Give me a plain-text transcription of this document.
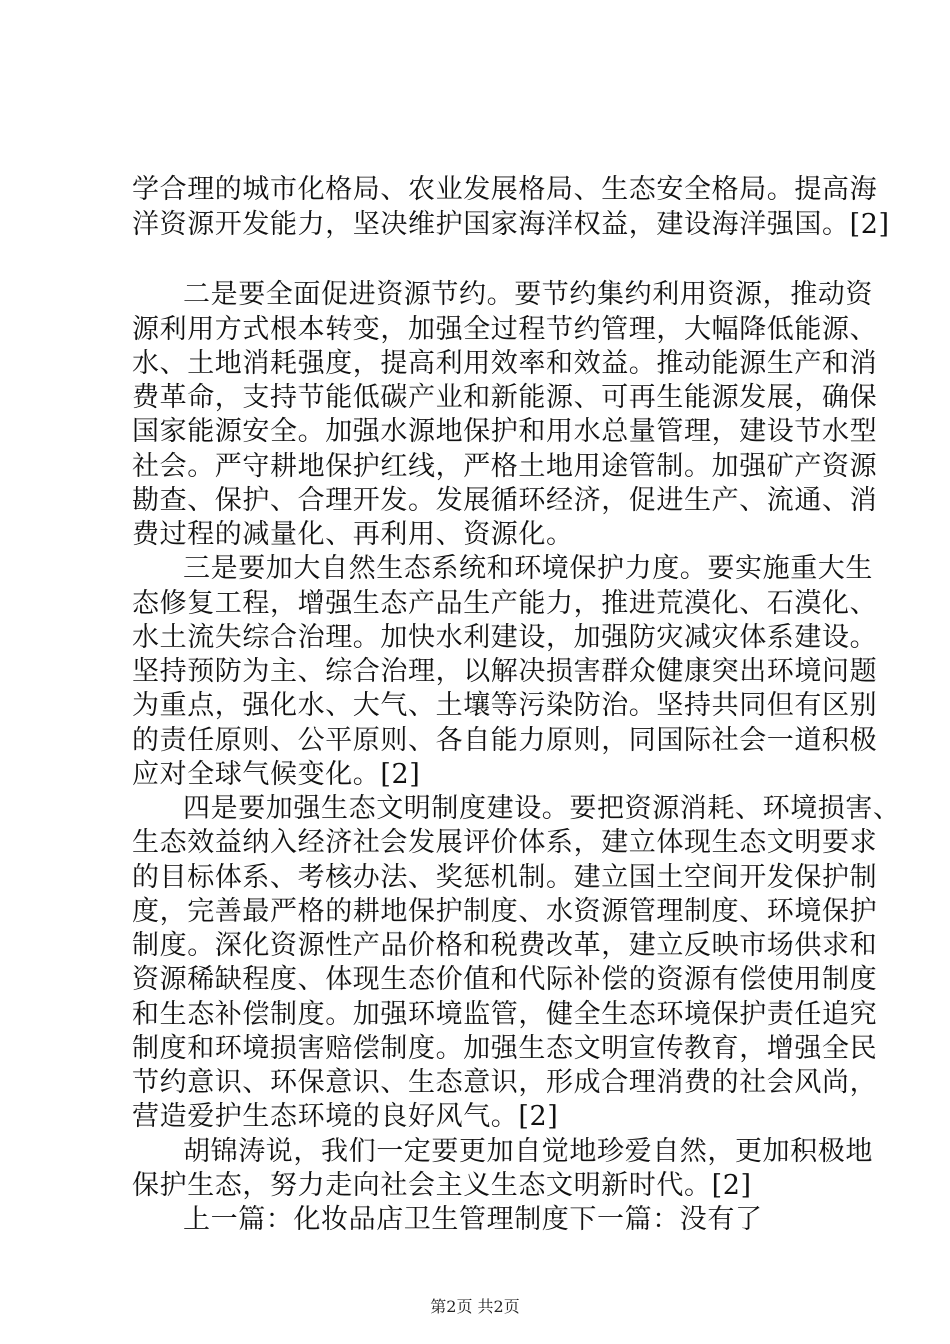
学合理的城市化格局、农业发展格局、生态安全格局。提高海
洋资源开发能力，坚决维护国家海洋权益，建设海洋强国。[2]
二是要全面促进资源节约。要节约集约利用资源，推动资
源利用方式根本转变，加强全过程节约管理，大幅降低能源、
水、土地消耗强度，提高利用效率和效益。推动能源生产和消
费革命，支持节能低碳产业和新能源、可再生能源发展，确保
国家能源安全。加强水源地保护和用水总量管理，建设节水型
社会。严守耕地保护红线，严格土地用途管制。加强矿产资源
勘查、保护、合理开发。发展循环经济，促进生产、流通、消
费过程的减量化、再利用、资源化。
三是要加大自然生态系统和环境保护力度。要实施重大生
态修复工程，增强生态产品生产能力，推进荒漠化、石漠化、
水土流失综合治理。加快水利建设，加强防灾减灾体系建设。
坚持预防为主、综合治理，以解决损害群众健康突出环境问题
为重点，强化水、大气、土壤等污染防治。坚持共同但有区别
的责任原则、公平原则、各自能力原则，同国际社会一道积极
应对全球气候变化。[2]
四是要加强生态文明制度建设。要把资源消耗、环境损害、
生态效益纳入经济社会发展评价体系，建立体现生态文明要求
的目标体系、考核办法、奖惩机制。建立国土空间开发保护制
度，完善最严格的耕地保护制度、水资源管理制度、环境保护
制度。深化资源性产品价格和税费改革，建立反映市场供求和
资源稀缺程度、体现生态价值和代际补偿的资源有偿使用制度
和生态补偿制度。加强环境监管，健全生态环境保护责任追究
制度和环境损害赔偿制度。加强生态文明宣传教育，增强全民
节约意识、环保意识、生态意识，形成合理消费的社会风尚，
营造爱护生态环境的良好风气。[2]
胡锦涛说，我们一定要更加自觉地珍爱自然，更加积极地
保护生态，努力走向社会主义生态文明新时代。[2]
上一篇：化妆品店卫生管理制度下一篇：没有了
第2页 共2页
